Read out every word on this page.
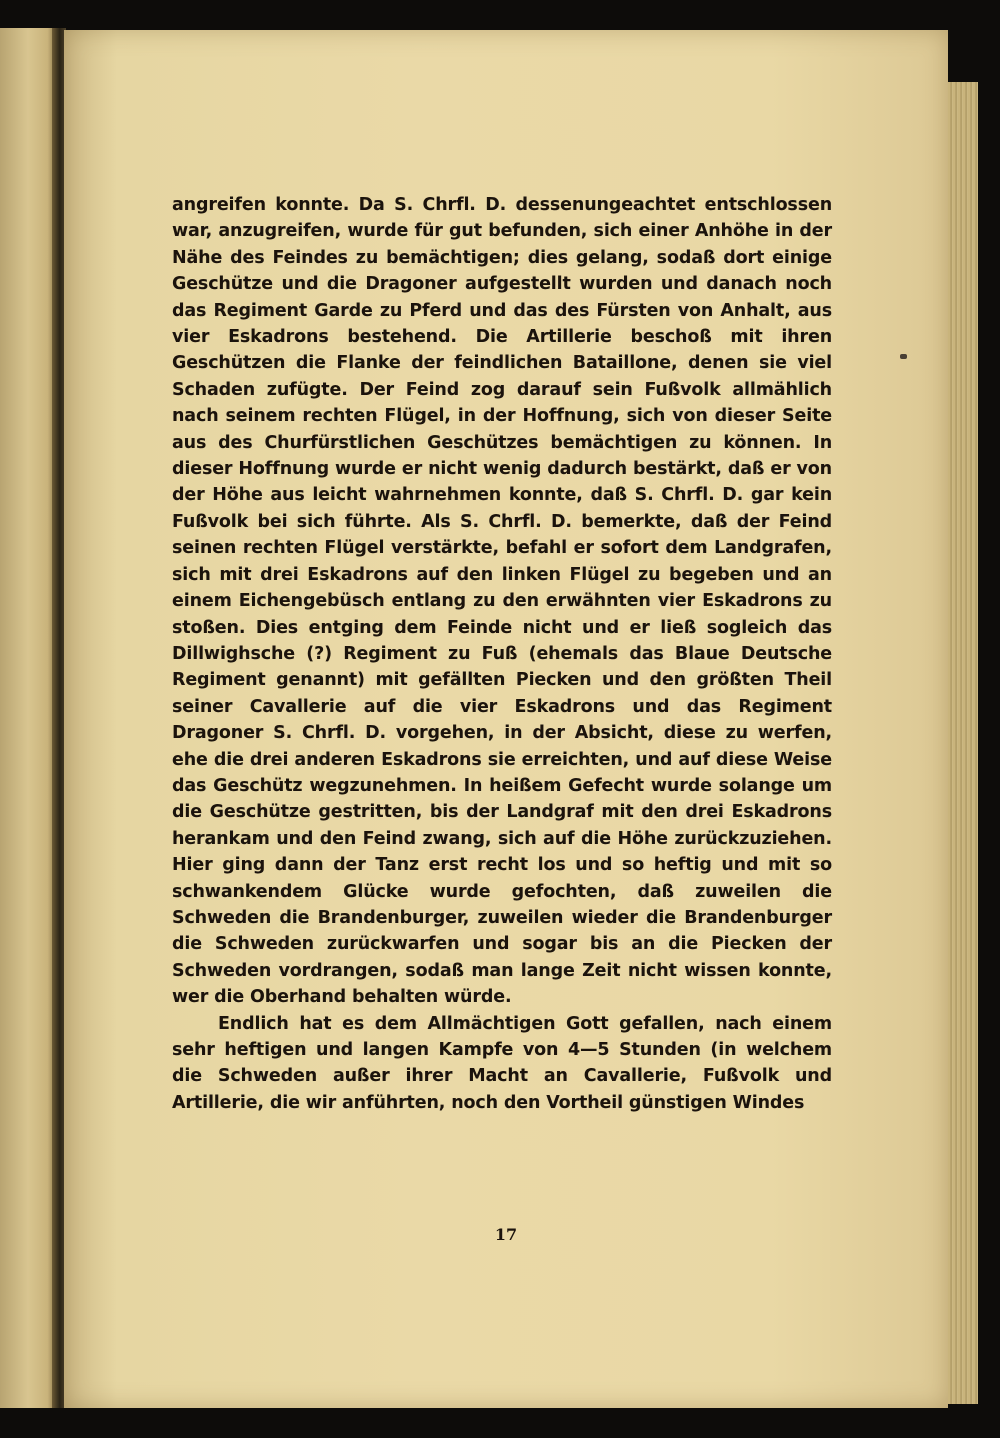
angreifen konnte. Da S. Chrfl. D. dessenungeachtet entschlossen war, anzugreifen, wurde für gut befunden, sich einer Anhöhe in der Nähe des Feindes zu bemächtigen; dies gelang, sodaß dort einige Geschütze und die Dragoner aufgestellt wurden und danach noch das Regiment Garde zu Pferd und das des Fürsten von Anhalt, aus vier Eskadrons bestehend. Die Artillerie beschoß mit ihren Geschützen die Flanke der feindlichen Bataillone, denen sie viel Schaden zufügte. Der Feind zog darauf sein Fußvolk allmählich nach seinem rechten Flügel, in der Hoffnung, sich von dieser Seite aus des Churfürstlichen Geschützes bemächtigen zu können. In dieser Hoffnung wurde er nicht wenig dadurch bestärkt, daß er von der Höhe aus leicht wahrnehmen konnte, daß S. Chrfl. D. gar kein Fußvolk bei sich führte. Als S. Chrfl. D. bemerkte, daß der Feind seinen rechten Flügel verstärkte, befahl er sofort dem Landgrafen, sich mit drei Eskadrons auf den linken Flügel zu begeben und an einem Eichengebüsch entlang zu den erwähnten vier Eskadrons zu stoßen. Dies entging dem Feinde nicht und er ließ sogleich das Dillwighsche (?) Regiment zu Fuß (ehemals das Blaue Deutsche Regiment genannt) mit gefällten Piecken und den größten Theil seiner Cavallerie auf die vier Eskadrons und das Regiment Dragoner S. Chrfl. D. vorgehen, in der Absicht, diese zu werfen, ehe die drei anderen Eskadrons sie erreichten, und auf diese Weise das Geschütz wegzunehmen. In heißem Gefecht wurde solange um die Geschütze gestritten, bis der Landgraf mit den drei Eskadrons herankam und den Feind zwang, sich auf die Höhe zurückzuziehen. Hier ging dann der Tanz erst recht los und so heftig und mit so schwankendem Glücke wurde gefochten, daß zuweilen die Schweden die Brandenburger, zuweilen wieder die Brandenburger die Schweden zurückwarfen und sogar bis an die Piecken der Schweden vordrangen, sodaß man lange Zeit nicht wissen konnte, wer die Oberhand behalten würde.

Endlich hat es dem Allmächtigen Gott gefallen, nach einem sehr heftigen und langen Kampfe von 4—5 Stunden (in welchem die Schweden außer ihrer Macht an Cavallerie, Fußvolk und Artillerie, die wir anführten, noch den Vortheil günstigen Windes

17
